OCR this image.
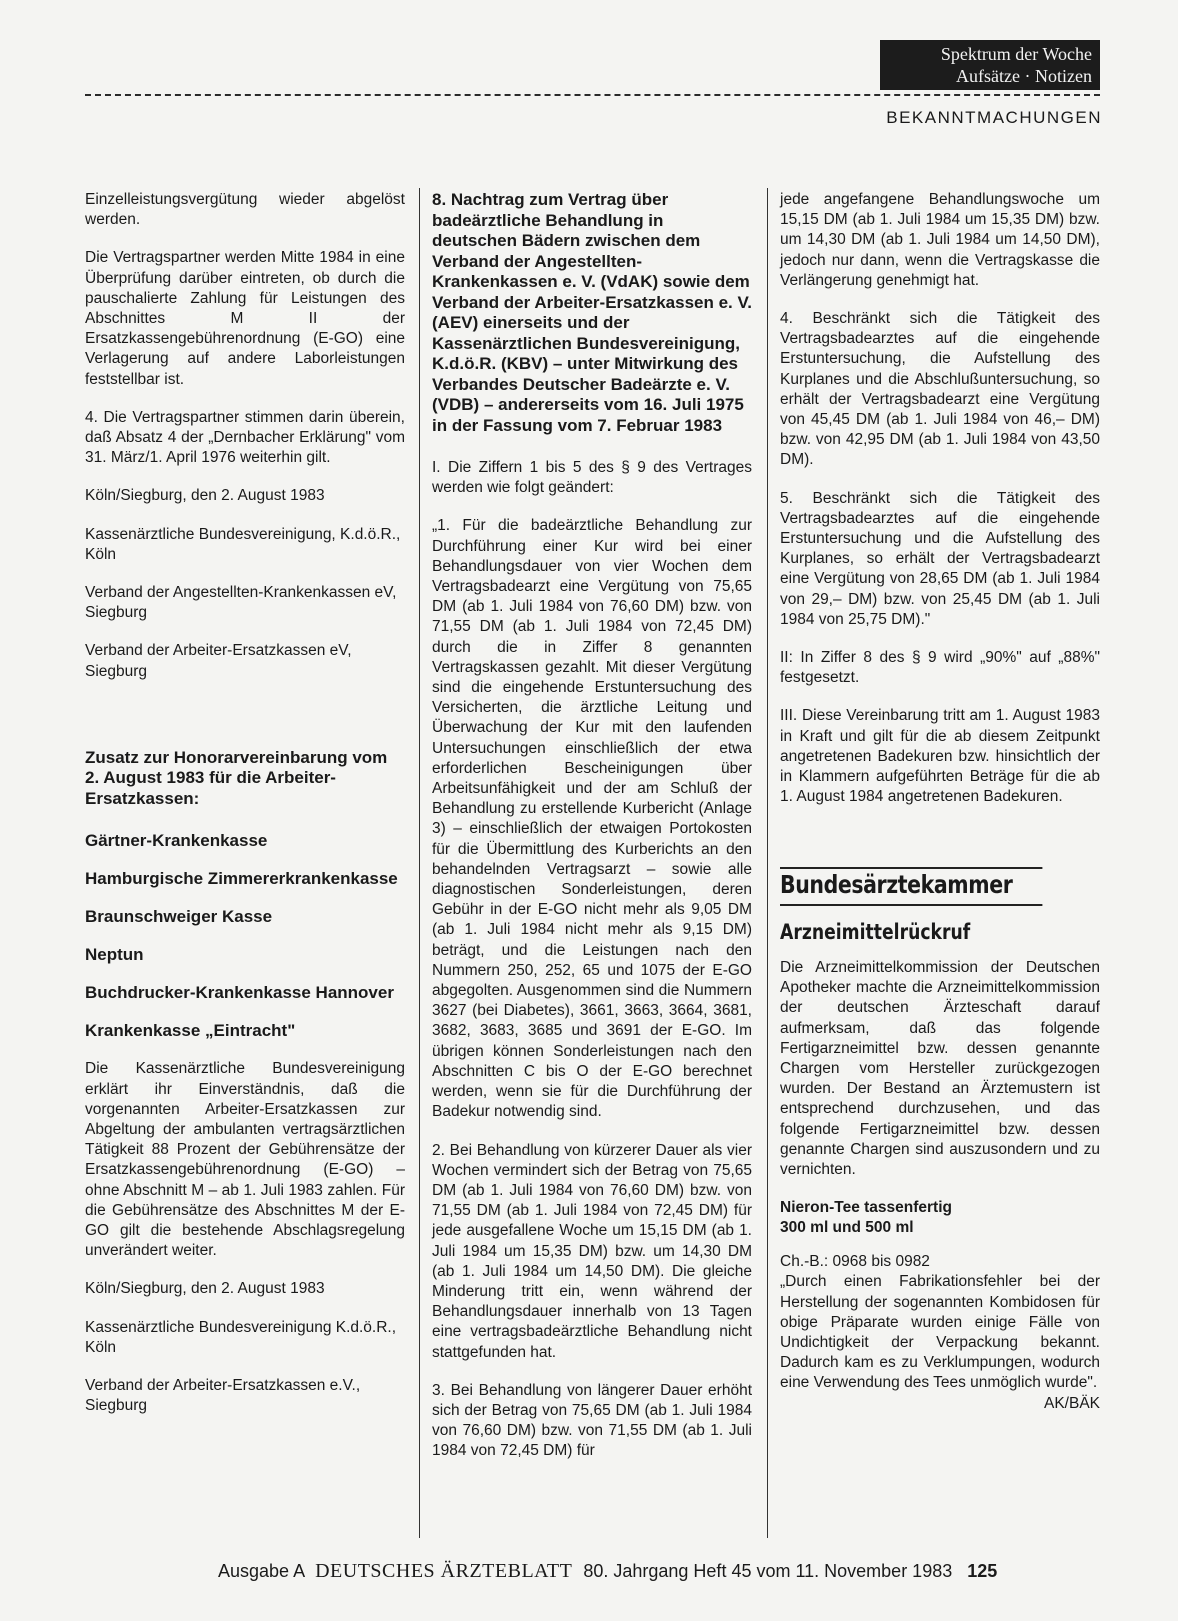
Spektrum der Woche
Aufsätze · Notizen
BEKANNTMACHUNGEN

Einzelleistungsvergütung wieder abgelöst werden.

Die Vertragspartner werden Mitte 1984 in eine Überprüfung darüber eintreten, ob durch die pauschalierte Zahlung für Leistungen des Abschnittes M II der Ersatzkassengebührenordnung (E-GO) eine Verlagerung auf andere Laborleistungen feststellbar ist.

4. Die Vertragspartner stimmen darin überein, daß Absatz 4 der „Dernbacher Erklärung" vom 31. März/1. April 1976 weiterhin gilt.

Köln/Siegburg, den 2. August 1983

Kassenärztliche Bundesvereinigung, K.d.ö.R., Köln

Verband der Angestellten-Krankenkassen eV, Siegburg

Verband der Arbeiter-Ersatzkassen eV, Siegburg

Zusatz zur Honorarvereinbarung vom 2. August 1983 für die Arbeiter-Ersatzkassen:

Gärtner-Krankenkasse
Hamburgische Zimmererkrankenkasse
Braunschweiger Kasse
Neptun
Buchdrucker-Krankenkasse Hannover
Krankenkasse „Eintracht"

Die Kassenärztliche Bundesvereinigung erklärt ihr Einverständnis, daß die vorgenannten Arbeiter-Ersatzkassen zur Abgeltung der ambulanten vertragsärztlichen Tätigkeit 88 Prozent der Gebührensätze der Ersatzkassengebührenordnung (E-GO) – ohne Abschnitt M – ab 1. Juli 1983 zahlen. Für die Gebührensätze des Abschnittes M der E-GO gilt die bestehende Abschlagsregelung unverändert weiter.

Köln/Siegburg, den 2. August 1983

Kassenärztliche Bundesvereinigung K.d.ö.R., Köln

Verband der Arbeiter-Ersatzkassen e.V., Siegburg

8. Nachtrag zum Vertrag über badeärztliche Behandlung in deutschen Bädern zwischen dem Verband der Angestellten-Krankenkassen e. V. (VdAK) sowie dem Verband der Arbeiter-Ersatzkassen e. V. (AEV) einerseits und der Kassenärztlichen Bundesvereinigung, K.d.ö.R. (KBV) – unter Mitwirkung des Verbandes Deutscher Badeärzte e. V. (VDB) – andererseits vom 16. Juli 1975 in der Fassung vom 7. Februar 1983

I. Die Ziffern 1 bis 5 des § 9 des Vertrages werden wie folgt geändert:

„1. Für die badeärztliche Behandlung zur Durchführung einer Kur wird bei einer Behandlungsdauer von vier Wochen dem Vertragsbadearzt eine Vergütung von 75,65 DM (ab 1. Juli 1984 von 76,60 DM) bzw. von 71,55 DM (ab 1. Juli 1984 von 72,45 DM) durch die in Ziffer 8 genannten Vertragskassen gezahlt. Mit dieser Vergütung sind die eingehende Erstuntersuchung des Versicherten, die ärztliche Leitung und Überwachung der Kur mit den laufenden Untersuchungen einschließlich der etwa erforderlichen Bescheinigungen über Arbeitsunfähigkeit und der am Schluß der Behandlung zu erstellende Kurbericht (Anlage 3) – einschließlich der etwaigen Portokosten für die Übermittlung des Kurberichts an den behandelnden Vertragsarzt – sowie alle diagnostischen Sonderleistungen, deren Gebühr in der E-GO nicht mehr als 9,05 DM (ab 1. Juli 1984 nicht mehr als 9,15 DM) beträgt, und die Leistungen nach den Nummern 250, 252, 65 und 1075 der E-GO abgegolten. Ausgenommen sind die Nummern 3627 (bei Diabetes), 3661, 3663, 3664, 3681, 3682, 3683, 3685 und 3691 der E-GO. Im übrigen können Sonderleistungen nach den Abschnitten C bis O der E-GO berechnet werden, wenn sie für die Durchführung der Badekur notwendig sind.

2. Bei Behandlung von kürzerer Dauer als vier Wochen vermindert sich der Betrag von 75,65 DM (ab 1. Juli 1984 von 76,60 DM) bzw. von 71,55 DM (ab 1. Juli 1984 von 72,45 DM) für jede ausgefallene Woche um 15,15 DM (ab 1. Juli 1984 um 15,35 DM) bzw. um 14,30 DM (ab 1. Juli 1984 um 14,50 DM). Die gleiche Minderung tritt ein, wenn während der Behandlungsdauer innerhalb von 13 Tagen eine vertragsbadeärztliche Behandlung nicht stattgefunden hat.

3. Bei Behandlung von längerer Dauer erhöht sich der Betrag von 75,65 DM (ab 1. Juli 1984 von 76,60 DM) bzw. von 71,55 DM (ab 1. Juli 1984 von 72,45 DM) für

jede angefangene Behandlungswoche um 15,15 DM (ab 1. Juli 1984 um 15,35 DM) bzw. um 14,30 DM (ab 1. Juli 1984 um 14,50 DM), jedoch nur dann, wenn die Vertragskasse die Verlängerung genehmigt hat.

4. Beschränkt sich die Tätigkeit des Vertragsbadearztes auf die eingehende Erstuntersuchung, die Aufstellung des Kurplanes und die Abschlußuntersuchung, so erhält der Vertragsbadearzt eine Vergütung von 45,45 DM (ab 1. Juli 1984 von 46,– DM) bzw. von 42,95 DM (ab 1. Juli 1984 von 43,50 DM).

5. Beschränkt sich die Tätigkeit des Vertragsbadearztes auf die eingehende Erstuntersuchung und die Aufstellung des Kurplanes, so erhält der Vertragsbadearzt eine Vergütung von 28,65 DM (ab 1. Juli 1984 von 29,– DM) bzw. von 25,45 DM (ab 1. Juli 1984 von 25,75 DM)."

II: In Ziffer 8 des § 9 wird „90%" auf „88%" festgesetzt.

III. Diese Vereinbarung tritt am 1. August 1983 in Kraft und gilt für die ab diesem Zeitpunkt angetretenen Badekuren bzw. hinsichtlich der in Klammern aufgeführten Beträge für die ab 1. August 1984 angetretenen Badekuren.

Bundesärztekammer
Arzneimittelrückruf

Die Arzneimittelkommission der Deutschen Apotheker machte die Arzneimittelkommission der deutschen Ärzteschaft darauf aufmerksam, daß das folgende Fertigarzneimittel bzw. dessen genannte Chargen vom Hersteller zurückgezogen wurden. Der Bestand an Ärztemustern ist entsprechend durchzusehen, und das folgende Fertigarzneimittel bzw. dessen genannte Chargen sind auszusondern und zu vernichten.

Nieron-Tee tassenfertig
300 ml und 500 ml
Ch.-B.: 0968 bis 0982

„Durch einen Fabrikationsfehler bei der Herstellung der sogenannten Kombidosen für obige Präparate wurden einige Fälle von Undichtigkeit der Verpackung bekannt. Dadurch kam es zu Verklumpungen, wodurch eine Verwendung des Tees unmöglich wurde".
AK/BÄK

Ausgabe A DEUTSCHES ÄRZTEBLATT 80. Jahrgang Heft 45 vom 11. November 1983 125
